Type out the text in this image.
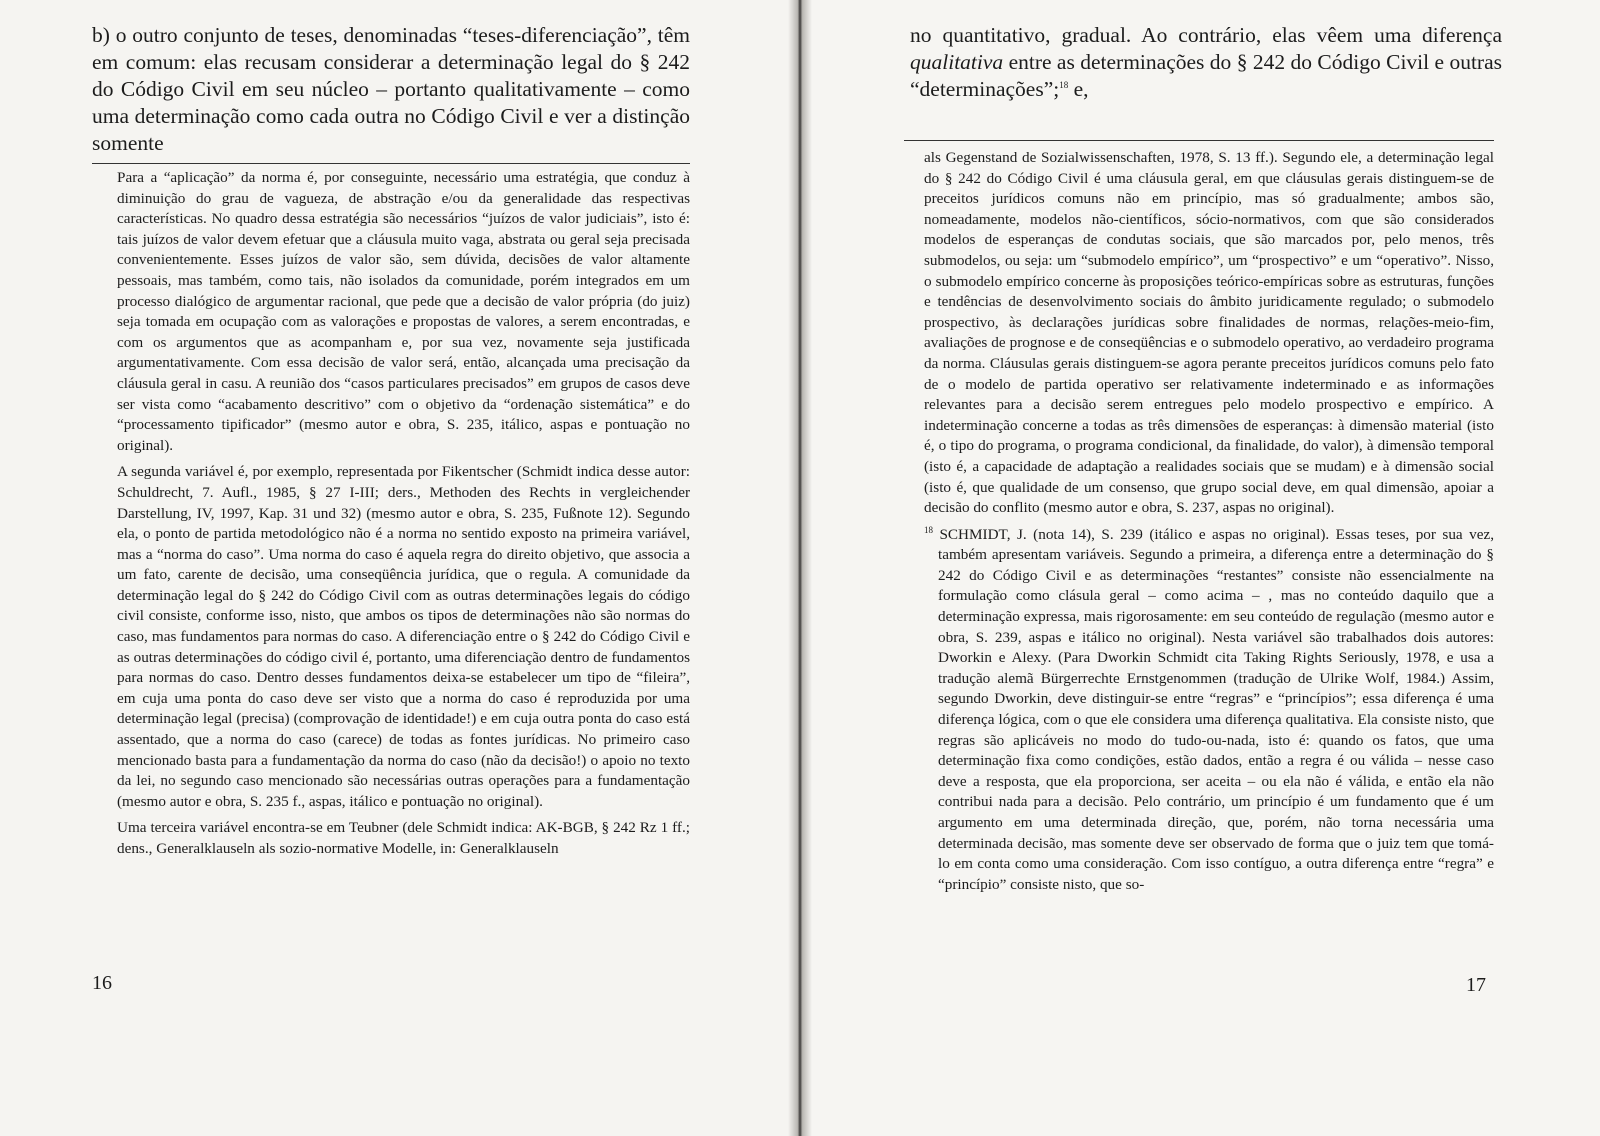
b) o outro conjunto de teses, denominadas “teses-diferenciação”, têm em comum: elas recusam considerar a determinação legal do § 242 do Código Civil em seu núcleo – portanto qualitativamente – como uma determinação como cada outra no Código Civil e ver a distinção somente

Para a “aplicação” da norma é, por conseguinte, necessário uma estratégia, que conduz à diminuição do grau de vagueza, de abstração e/ou da generalidade das respectivas características. No quadro dessa estratégia são necessários “juízos de valor judiciais”, isto é: tais juízos de valor devem efetuar que a cláusula muito vaga, abstrata ou geral seja precisada convenientemente. Esses juízos de valor são, sem dúvida, decisões de valor altamente pessoais, mas também, como tais, não isolados da comunidade, porém integrados em um processo dialógico de argumentar racional, que pede que a decisão de valor própria (do juiz) seja tomada em ocupação com as valorações e propostas de valores, a serem encontradas, e com os argumentos que as acompanham e, por sua vez, novamente seja justificada argumentativamente. Com essa decisão de valor será, então, alcançada uma precisação da cláusula geral in casu. A reunião dos “casos particulares precisados” em grupos de casos deve ser vista como “acabamento descritivo” com o objetivo da “ordenação sistemática” e do “processamento tipificador” (mesmo autor e obra, S. 235, itálico, aspas e pontuação no original).

A segunda variável é, por exemplo, representada por Fikentscher (Schmidt indica desse autor: Schuldrecht, 7. Aufl., 1985, § 27 I-III; ders., Methoden des Rechts in vergleichender Darstellung, IV, 1997, Kap. 31 und 32) (mesmo autor e obra, S. 235, Fußnote 12). Segundo ela, o ponto de partida metodológico não é a norma no sentido exposto na primeira variável, mas a “norma do caso”. Uma norma do caso é aquela regra do direito objetivo, que associa a um fato, carente de decisão, uma conseqüência jurídica, que o regula. A comunidade da determinação legal do § 242 do Código Civil com as outras determinações legais do código civil consiste, conforme isso, nisto, que ambos os tipos de determinações não são normas do caso, mas fundamentos para normas do caso. A diferenciação entre o § 242 do Código Civil e as outras determinações do código civil é, portanto, uma diferenciação dentro de fundamentos para normas do caso. Dentro desses fundamentos deixa-se estabelecer um tipo de “fileira”, em cuja uma ponta do caso deve ser visto que a norma do caso é reproduzida por uma determinação legal (precisa) (comprovação de identidade!) e em cuja outra ponta do caso está assentado, que a norma do caso (carece) de todas as fontes jurídicas. No primeiro caso mencionado basta para a fundamentação da norma do caso (não da decisão!) o apoio no texto da lei, no segundo caso mencionado são necessárias outras operações para a fundamentação (mesmo autor e obra, S. 235 f., aspas, itálico e pontuação no original).

Uma terceira variável encontra-se em Teubner (dele Schmidt indica: AK-BGB, § 242 Rz 1 ff.; dens., Generalklauseln als sozio-normative Modelle, in: Generalklauseln

16

no quantitativo, gradual. Ao contrário, elas vêem uma diferença qualitativa entre as determinações do § 242 do Código Civil e outras “determinações”;$^{18}$ e,

als Gegenstand de Sozialwissenschaften, 1978, S. 13 ff.). Segundo ele, a determinação legal do § 242 do Código Civil é uma cláusula geral, em que cláusulas gerais distinguem-se de preceitos jurídicos comuns não em princípio, mas só gradualmente; ambos são, nomeadamente, modelos não-científicos, sócio-normativos, com que são considerados modelos de esperanças de condutas sociais, que são marcados por, pelo menos, três submodelos, ou seja: um “submodelo empírico”, um “prospectivo” e um “operativo”. Nisso, o submodelo empírico concerne às proposições teórico-empíricas sobre as estruturas, funções e tendências de desenvolvimento sociais do âmbito juridicamente regulado; o submodelo prospectivo, às declarações jurídicas sobre finalidades de normas, relações-meio-fim, avaliações de prognose e de conseqüências e o submodelo operativo, ao verdadeiro programa da norma. Cláusulas gerais distinguem-se agora perante preceitos jurídicos comuns pelo fato de o modelo de partida operativo ser relativamente indeterminado e as informações relevantes para a decisão serem entregues pelo modelo prospectivo e empírico. A indeterminação concerne a todas as três dimensões de esperanças: à dimensão material (isto é, o tipo do programa, o programa condicional, da finalidade, do valor), à dimensão temporal (isto é, a capacidade de adaptação a realidades sociais que se mudam) e à dimensão social (isto é, que qualidade de um consenso, que grupo social deve, em qual dimensão, apoiar a decisão do conflito (mesmo autor e obra, S. 237, aspas no original).

$^{18}$ SCHMIDT, J. (nota 14), S. 239 (itálico e aspas no original). Essas teses, por sua vez, também apresentam variáveis. Segundo a primeira, a diferença entre a determinação do § 242 do Código Civil e as determinações “restantes” consiste não essencialmente na formulação como clásula geral – como acima – , mas no conteúdo daquilo que a determinação expressa, mais rigorosamente: em seu conteúdo de regulação (mesmo autor e obra, S. 239, aspas e itálico no original). Nesta variável são trabalhados dois autores: Dworkin e Alexy. (Para Dworkin Schmidt cita Taking Rights Seriously, 1978, e usa a tradução alemã Bürgerrechte Ernstgenommen (tradução de Ulrike Wolf, 1984.) Assim, segundo Dworkin, deve distinguir-se entre “regras” e “princípios”; essa diferença é uma diferença lógica, com o que ele considera uma diferença qualitativa. Ela consiste nisto, que regras são aplicáveis no modo do tudo-ou-nada, isto é: quando os fatos, que uma determinação fixa como condições, estão dados, então a regra é ou válida – nesse caso deve a resposta, que ela proporciona, ser aceita – ou ela não é válida, e então ela não contribui nada para a decisão. Pelo contrário, um princípio é um fundamento que é um argumento em uma determinada direção, que, porém, não torna necessária uma determinada decisão, mas somente deve ser observado de forma que o juiz tem que tomá-lo em conta como uma consideração. Com isso contíguo, a outra diferença entre “regra” e “princípio” consiste nisto, que so-

17
